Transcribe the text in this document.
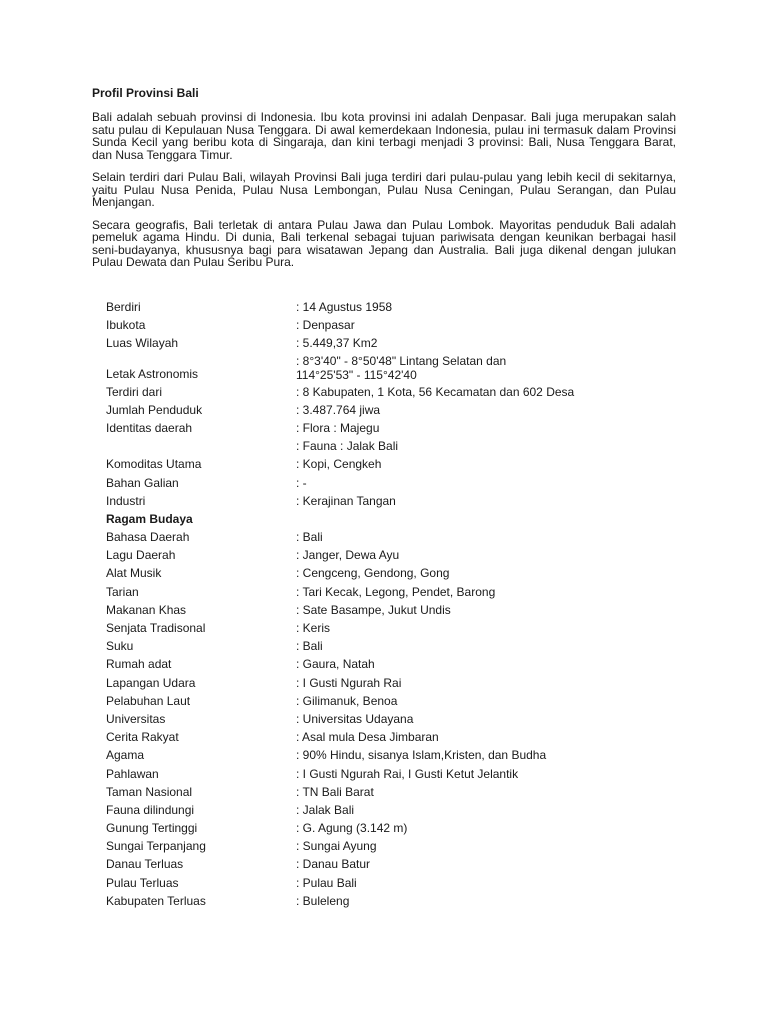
Profil Provinsi Bali

Bali adalah sebuah provinsi di Indonesia. Ibu kota provinsi ini adalah Denpasar. Bali juga merupakan salah satu pulau di Kepulauan Nusa Tenggara. Di awal kemerdekaan Indonesia, pulau ini termasuk dalam Provinsi Sunda Kecil yang beribu kota di Singaraja, dan kini terbagi menjadi 3 provinsi: Bali, Nusa Tenggara Barat, dan Nusa Tenggara Timur.

Selain terdiri dari Pulau Bali, wilayah Provinsi Bali juga terdiri dari pulau-pulau yang lebih kecil di sekitarnya, yaitu Pulau Nusa Penida, Pulau Nusa Lembongan, Pulau Nusa Ceningan, Pulau Serangan, dan Pulau Menjangan.

Secara geografis, Bali terletak di antara Pulau Jawa dan Pulau Lombok. Mayoritas penduduk Bali adalah pemeluk agama Hindu. Di dunia, Bali terkenal sebagai tujuan pariwisata dengan keunikan berbagai hasil seni-budayanya, khususnya bagi para wisatawan Jepang dan Australia. Bali juga dikenal dengan julukan Pulau Dewata dan Pulau Seribu Pura.

Berdiri	: 14 Agustus 1958
Ibukota	: Denpasar
Luas Wilayah	: 5.449,37 Km2
Letak Astronomis
: 8°3'40" - 8°50'48" Lintang Selatan dan
114°25'53" - 115°42'40
Terdiri dari	: 8 Kabupaten, 1 Kota, 56 Kecamatan dan 602 Desa
Jumlah Penduduk	: 3.487.764 jiwa
Identitas daerah	: Flora : Majegu
: Fauna : Jalak Bali
Komoditas Utama	: Kopi, Cengkeh
Bahan Galian	: -
Industri	: Kerajinan Tangan
Ragam Budaya
Bahasa Daerah	: Bali
Lagu Daerah	: Janger, Dewa Ayu
Alat Musik	: Cengceng, Gendong, Gong
Tarian	: Tari Kecak, Legong, Pendet, Barong
Makanan Khas	: Sate Basampe, Jukut Undis
Senjata Tradisonal	: Keris
Suku	: Bali
Rumah adat	: Gaura, Natah
Lapangan Udara	: I Gusti Ngurah Rai
Pelabuhan Laut	: Gilimanuk, Benoa
Universitas	: Universitas Udayana
Cerita Rakyat	: Asal mula Desa Jimbaran
Agama	: 90% Hindu, sisanya Islam,Kristen, dan Budha
Pahlawan	: I Gusti Ngurah Rai, I Gusti Ketut Jelantik
Taman Nasional	: TN Bali Barat
Fauna dilindungi	: Jalak Bali
Gunung Tertinggi	: G. Agung (3.142 m)
Sungai Terpanjang	: Sungai Ayung
Danau Terluas	: Danau Batur
Pulau Terluas	: Pulau Bali
Kabupaten Terluas	: Buleleng
